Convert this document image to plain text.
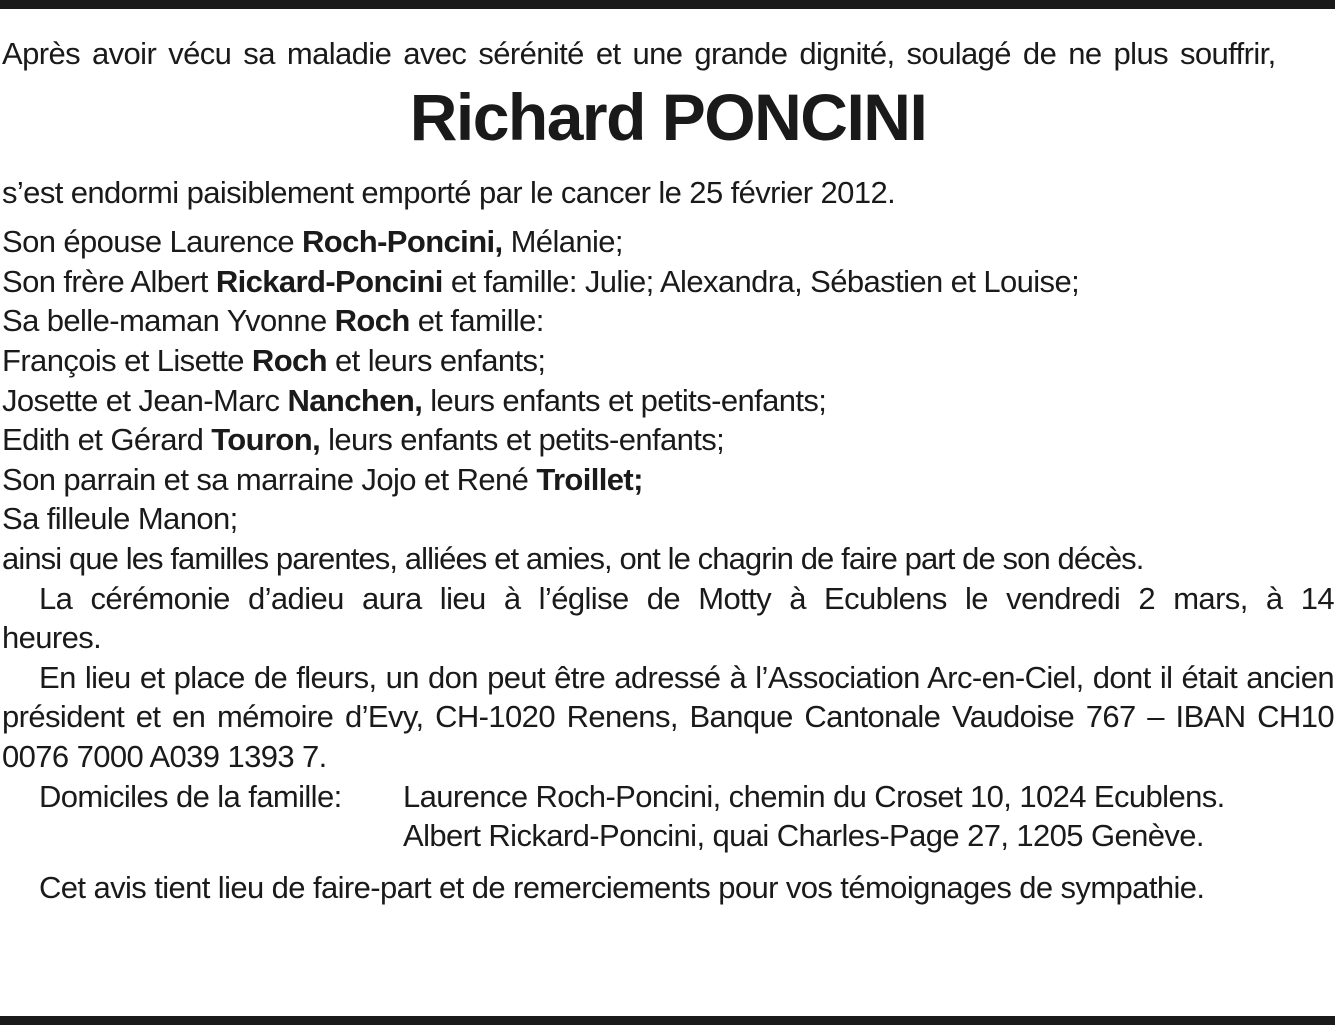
Après avoir vécu sa maladie avec sérénité et une grande dignité, soulagé de ne plus souffrir,

Richard PONCINI

s’est endormi paisiblement emporté par le cancer le 25 février 2012.

Son épouse Laurence Roch-Poncini, Mélanie;

Son frère Albert Rickard-Poncini et famille: Julie; Alexandra, Sébastien et Louise;

Sa belle-maman Yvonne Roch et famille:

François et Lisette Roch et leurs enfants;

Josette et Jean-Marc Nanchen, leurs enfants et petits-enfants;

Edith et Gérard Touron, leurs enfants et petits-enfants;

Son parrain et sa marraine Jojo et René Troillet;

Sa filleule Manon;

ainsi que les familles parentes, alliées et amies, ont le chagrin de faire part de son décès.

La cérémonie d’adieu aura lieu à l’église de Motty à Ecublens le vendredi 2 mars, à 14 heures.

En lieu et place de fleurs, un don peut être adressé à l’Association Arc-en-Ciel, dont il était ancien président et en mémoire d’Evy, CH-1020 Renens, Banque Cantonale Vaudoise 767 – IBAN CH10 0076 7000 A039 1393 7.

Domiciles de la famille:	Laurence Roch-Poncini, chemin du Croset 10, 1024 Ecublens.
Albert Rickard-Poncini, quai Charles-Page 27, 1205 Genève.

Cet avis tient lieu de faire-part et de remerciements pour vos témoignages de sympathie.
